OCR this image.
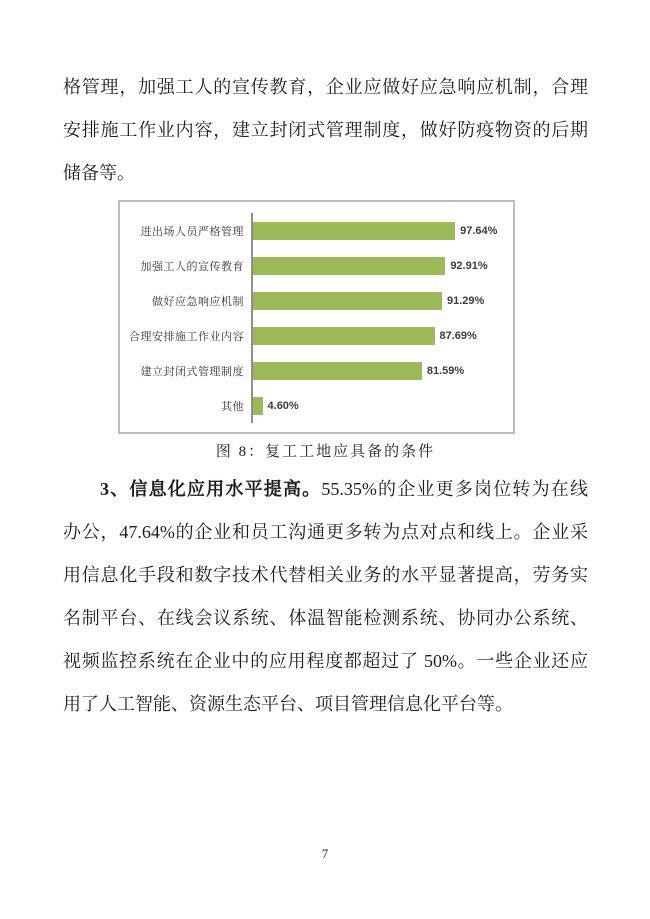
格管理，加强工人的宣传教育，企业应做好应急响应机制，合理
安排施工作业内容，建立封闭式管理制度，做好防疫物资的后期
储备等。
进出场人员严格管理	97.64%
加强工人的宣传教育	92.91%
做好应急响应机制	91.29%
合理安排施工作业内容	87.69%
建立封闭式管理制度	81.59%
其他	4.60%
图 8：复工工地应具备的条件
3、信息化应用水平提高。55.35%的企业更多岗位转为在线
办公，47.64%的企业和员工沟通更多转为点对点和线上。企业采
用信息化手段和数字技术代替相关业务的水平显著提高，劳务实
名制平台、在线会议系统、体温智能检测系统、协同办公系统、
视频监控系统在企业中的应用程度都超过了 50%。一些企业还应
用了人工智能、资源生态平台、项目管理信息化平台等。
7
